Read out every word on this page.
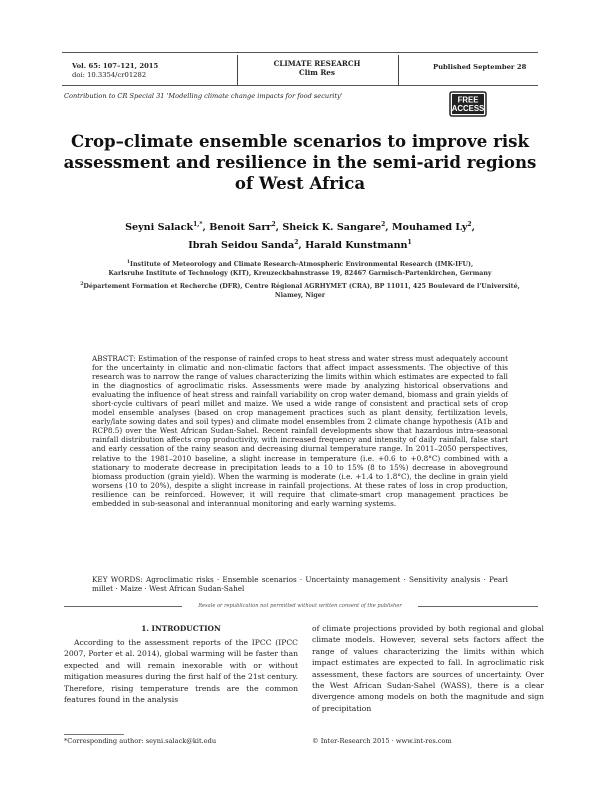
Vol. 65: 107–121, 2015
doi: 10.3354/cr01282
CLIMATE RESEARCH
Clim Res
Published September 28
Contribution to CR Special 31 'Modelling climate change impacts for food security'	FREE
ACCESS
Crop–climate ensemble scenarios to improve risk
assessment and resilience in the semi-arid regions
of West Africa
Seyni Salack$^{1,*}$, Benoit Sarr$^2$, Sheick K. Sangare$^2$, Mouhamed Ly$^2$,
Ibrah Seidou Sanda$^2$, Harald Kunstmann$^1$
$^1$Institute of Meteorology and Climate Research-Atmospheric Environmental Research (IMK-IFU),
Karlsruhe Institute of Technology (KIT), Kreuzeckbahnstrasse 19, 82467 Garmisch-Partenkirchen, Germany
$^2$Département Formation et Recherche (DFR), Centre Régional AGRHYMET (CRA), BP 11011, 425 Boulevard de l'Université,
Niamey, Niger
ABSTRACT: Estimation of the response of rainfed crops to heat stress and water stress must adequately account for the uncertainty in climatic and non-climatic factors that affect impact assessments. The objective of this research was to narrow the range of values characterizing the limits within which estimates are expected to fall in the diagnostics of agroclimatic risks. Assessments were made by analyzing historical observations and evaluating the influence of heat stress and rainfall variability on crop water demand, biomass and grain yields of short-cycle cultivars of pearl millet and maize. We used a wide range of consistent and practical sets of crop model ensemble analyses (based on crop management practices such as plant density, fertilization levels, early/late sowing dates and soil types) and climate model ensembles from 2 climate change hypothesis (A1b and RCP8.5) over the West African Sudan-Sahel. Recent rainfall developments show that hazardous intra-seasonal rainfall distribution affects crop productivity, with increased frequency and intensity of daily rainfall, false start and early cessation of the rainy season and decreasing diurnal temperature range. In 2011–2050 perspectives, relative to the 1981–2010 baseline, a slight increase in temperature (i.e. +0.6 to +0.8°C) combined with a stationary to moderate decrease in precipitation leads to a 10 to 15% (8 to 15%) decrease in aboveground biomass production (grain yield). When the warming is moderate (i.e. +1.4 to 1.8°C), the decline in grain yield worsens (10 to 20%), despite a slight increase in rainfall projections. At these rates of loss in crop production, resilience can be reinforced. However, it will require that climate-smart crop management practices be embedded in sub-seasonal and interannual monitoring and early warning systems.
KEY WORDS: Agroclimatic risks · Ensemble scenarios · Uncertainty management · Sensitivity analysis · Pearl millet · Maize · West African Sudan-Sahel
Resale or republication not permitted without written consent of the publisher
1. INTRODUCTION
According to the assessment reports of the IPCC (IPCC 2007, Porter et al. 2014), global warming will be faster than expected and will remain inexorable with or without mitigation measures during the first half of the 21st century. Therefore, rising temperature trends are the common features found in the analysis
of climate projections provided by both regional and global climate models. However, several sets factors affect the range of values characterizing the limits within which impact estimates are expected to fall. In agroclimatic risk assessment, these factors are sources of uncertainty. Over the West African Sudan-Sahel (WASS), there is a clear divergence among models on both the magnitude and sign of precipitation
*Corresponding author: seyni.salack@kit.edu	© Inter-Research 2015 · www.int-res.com
